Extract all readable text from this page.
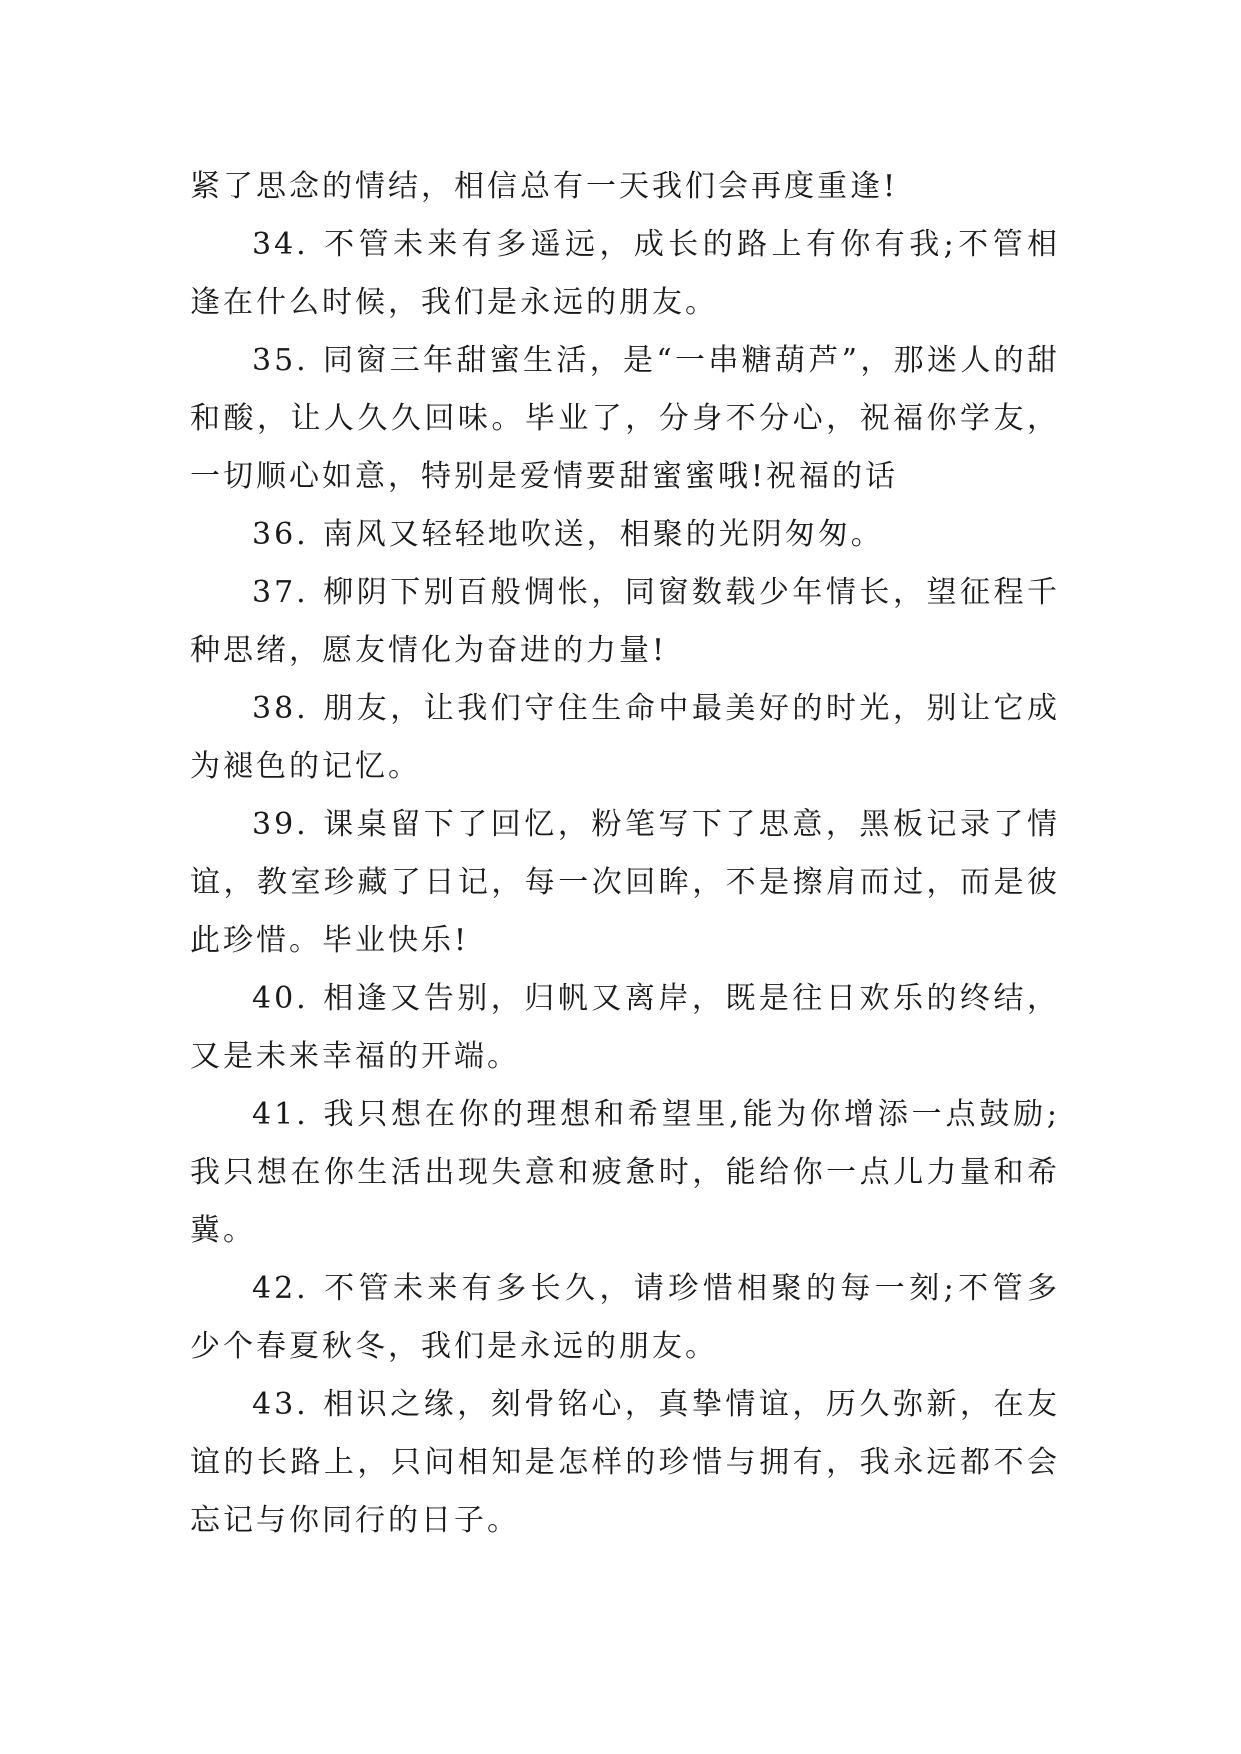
紧了思念的情结，相信总有一天我们会再度重逢!

34. 不管未来有多遥远，成长的路上有你有我;不管相逢在什么时候，我们是永远的朋友。

35. 同窗三年甜蜜生活，是“一串糖葫芦”，那迷人的甜和酸，让人久久回味。毕业了，分身不分心，祝福你学友，一切顺心如意，特别是爱情要甜蜜蜜哦!祝福的话

36. 南风又轻轻地吹送，相聚的光阴匆匆。

37. 柳阴下别百般惆怅，同窗数载少年情长，望征程千种思绪，愿友情化为奋进的力量!

38. 朋友，让我们守住生命中最美好的时光，别让它成为褪色的记忆。

39. 课桌留下了回忆，粉笔写下了思意，黑板记录了情谊，教室珍藏了日记，每一次回眸，不是擦肩而过，而是彼此珍惜。毕业快乐!

40. 相逢又告别，归帆又离岸，既是往日欢乐的终结，又是未来幸福的开端。

41. 我只想在你的理想和希望里,能为你增添一点鼓励;我只想在你生活出现失意和疲惫时，能给你一点儿力量和希冀。

42. 不管未来有多长久，请珍惜相聚的每一刻;不管多少个春夏秋冬，我们是永远的朋友。

43. 相识之缘，刻骨铭心，真挚情谊，历久弥新，在友谊的长路上，只问相知是怎样的珍惜与拥有，我永远都不会忘记与你同行的日子。
